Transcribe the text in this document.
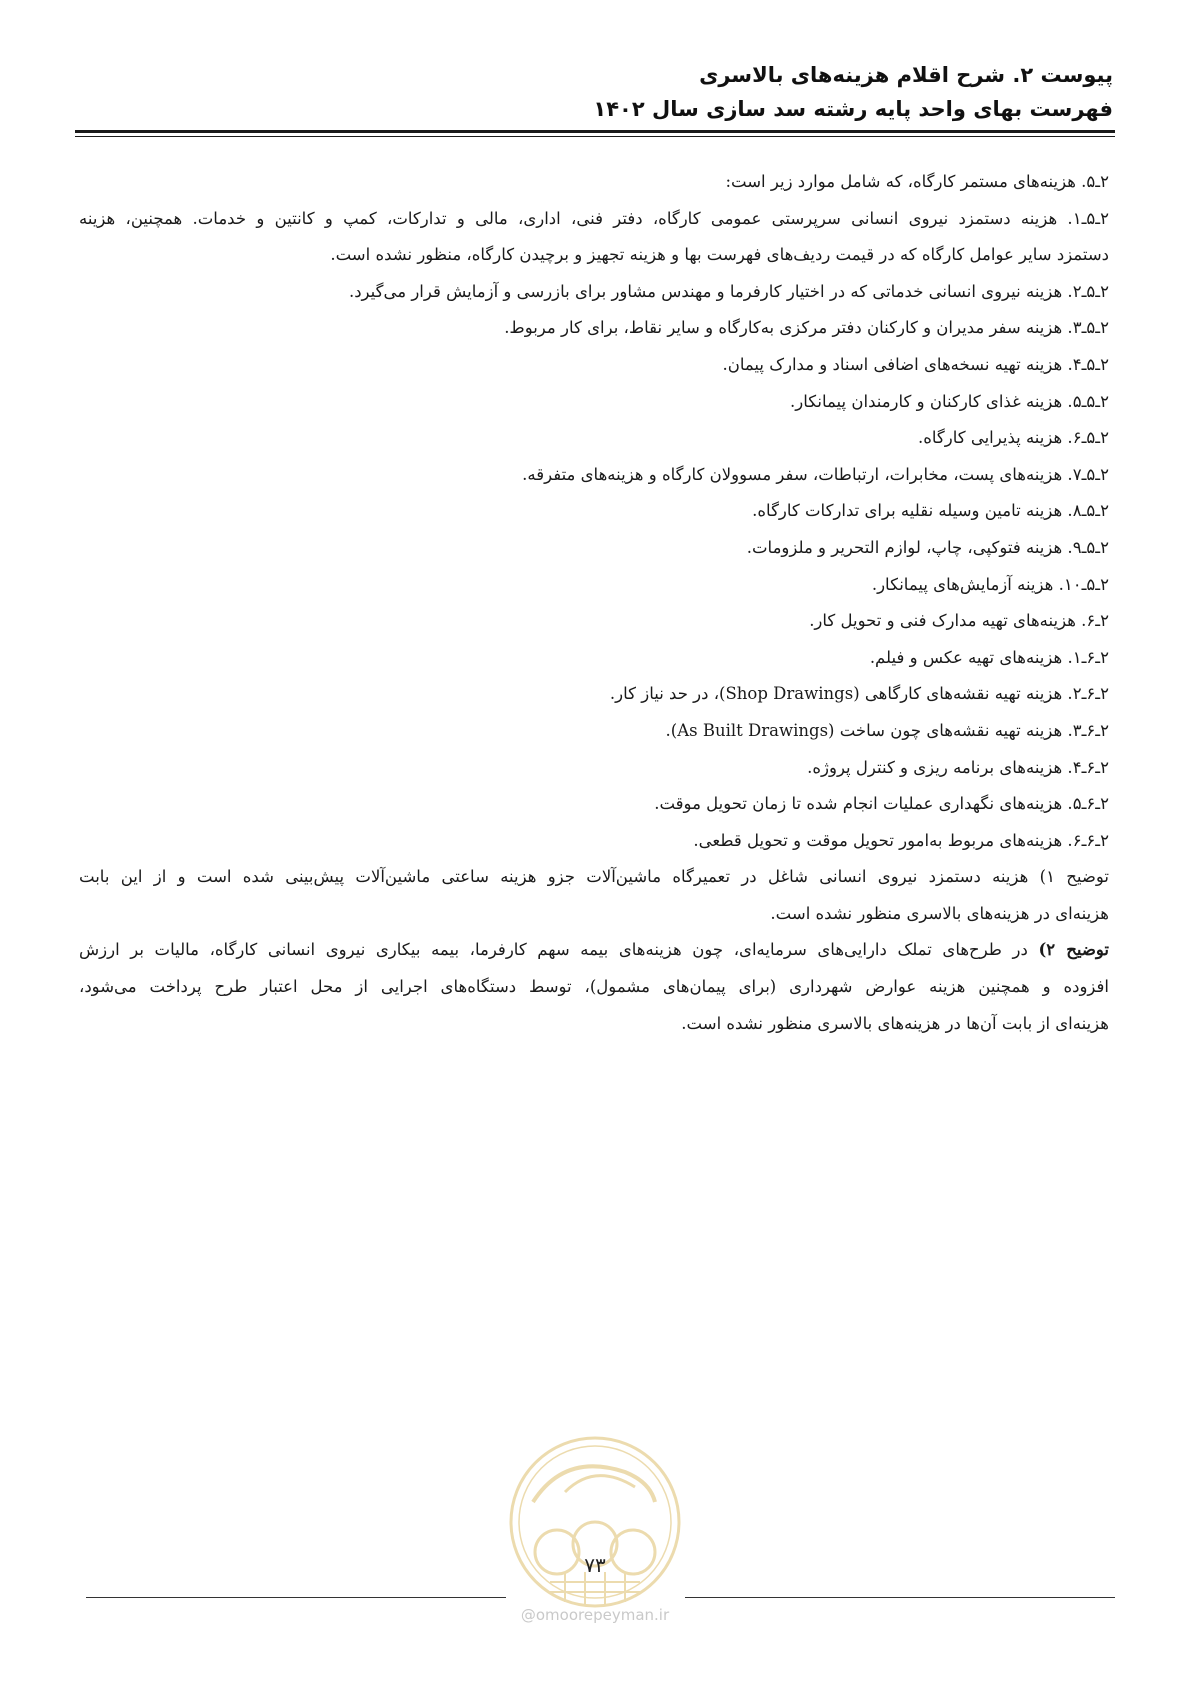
پیوست ۲. شرح اقلام هزینه‌های بالاسری
فهرست بهای واحد پایه رشته سد سازی سال ۱۴۰۲
۲ـ۵. هزینه‌های مستمر کارگاه، که شامل موارد زیر است:
۲ـ۵ـ۱. هزینه دستمزد نیروی انسانی سرپرستی عمومی کارگاه، دفتر فنی، اداری، مالی و تدارکات، کمپ و کانتین و خدمات. همچنین، هزینه
دستمزد سایر عوامل کارگاه که در قیمت ردیف‌های فهرست بها و هزینه تجهیز و برچیدن کارگاه، منظور نشده است.
۲ـ۵ـ۲. هزینه نیروی انسانی خدماتی که در اختیار کارفرما و مهندس مشاور برای بازرسی و آزمایش قرار می‌گیرد.
۲ـ۵ـ۳. هزینه سفر مدیران و کارکنان دفتر مرکزی به‌کارگاه و سایر نقاط، برای کار مربوط.
۲ـ۵ـ۴. هزینه تهیه نسخه‌های اضافی اسناد و مدارک پیمان.
۲ـ۵ـ۵. هزینه غذای کارکنان و کارمندان پیمانکار.
۲ـ۵ـ۶. هزینه پذیرایی کارگاه.
۲ـ۵ـ۷. هزینه‌های پست، مخابرات، ارتباطات، سفر مسوولان کارگاه و هزینه‌های متفرقه.
۲ـ۵ـ۸. هزینه تامین وسیله نقلیه برای تدارکات کارگاه.
۲ـ۵ـ۹. هزینه فتوکپی، چاپ، لوازم التحریر و ملزومات.
۲ـ۵ـ۱۰. هزینه آزمایش‌های پیمانکار.
۲ـ۶. هزینه‌های تهیه مدارک فنی و تحویل کار.
۲ـ۶ـ۱. هزینه‌های تهیه عکس و فیلم.
۲ـ۶ـ۲. هزینه تهیه نقشه‌های کارگاهی (Shop Drawings)، در حد نیاز کار.
۲ـ۶ـ۳. هزینه تهیه نقشه‌های چون ساخت (As Built Drawings).
۲ـ۶ـ۴. هزینه‌های برنامه ریزی و کنترل پروژه.
۲ـ۶ـ۵. هزینه‌های نگهداری عملیات انجام شده تا زمان تحویل موقت.
۲ـ۶ـ۶. هزینه‌های مربوط به‌امور تحویل موقت و تحویل قطعی.
توضیح ۱) هزینه دستمزد نیروی انسانی شاغل در تعمیرگاه ماشین‌آلات جزو هزینه ساعتی ماشین‌آلات پیش‌بینی شده است و از این بابت
هزینه‌ای در هزینه‌های بالاسری منظور نشده است.
توضیح ۲) در طرح‌های تملک دارایی‌های سرمایه‌ای، چون هزینه‌های بیمه سهم کارفرما، بیمه بیکاری نیروی انسانی کارگاه، مالیات بر ارزش
افزوده و همچنین هزینه عوارض شهرداری (برای پیمان‌های مشمول)، توسط دستگاه‌های اجرایی از محل اعتبار طرح پرداخت می‌شود،
هزینه‌ای از بابت آن‌ها در هزینه‌های بالاسری منظور نشده است.
۷۳
@omoorepeyman.ir
